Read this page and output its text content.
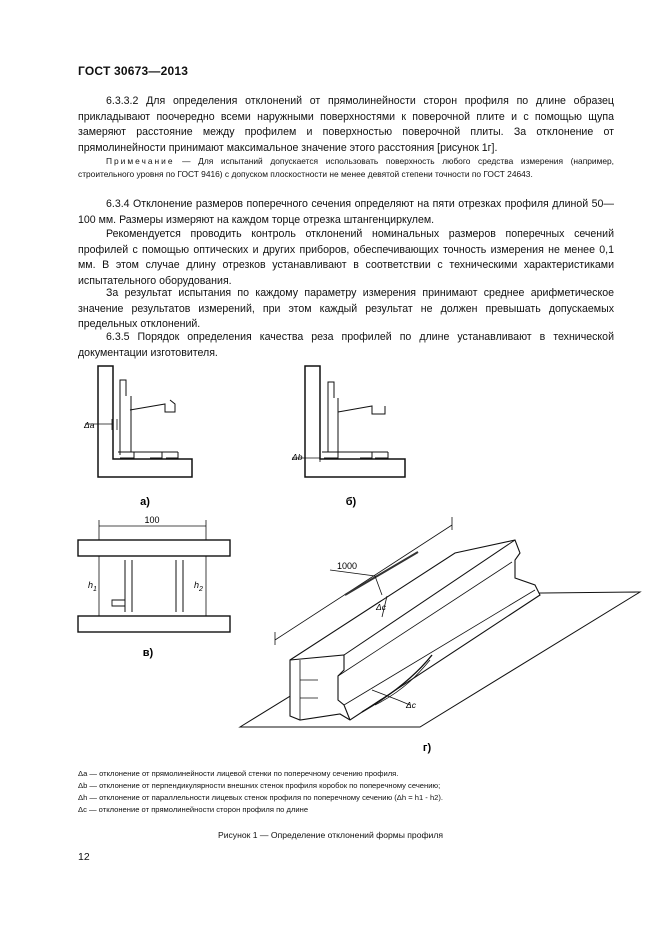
ГОСТ 30673—2013
6.3.3.2 Для определения отклонений от прямолинейности сторон профиля по длине образец прикладывают поочередно всеми наружными поверхностями к поверочной плите и с помощью щупа замеряют расстояние между профилем и поверхностью поверочной плиты. За отклонение от прямолинейности принимают максимальное значение этого расстояния [рисунок 1г].
Примечание — Для испытаний допускается использовать поверхность любого средства измерения (например, строительного уровня по ГОСТ 9416) с допуском плоскостности не менее девятой степени точности по ГОСТ 24643.
6.3.4 Отклонение размеров поперечного сечения определяют на пяти отрезках профиля длиной 50—100 мм. Размеры измеряют на каждом торце отрезка штангенциркулем.
Рекомендуется проводить контроль отклонений номинальных размеров поперечных сечений профилей с помощью оптических и других приборов, обеспечивающих точность измерения не менее 0,1 мм. В этом случае длину отрезков устанавливают в соответствии с техническими характеристиками испытательного оборудования.
За результат испытания по каждому параметру измерения принимают среднее арифметическое значение результатов измерений, при этом каждый результат не должен превышать допускаемых предельных отклонений.
6.3.5 Порядок определения качества реза профилей по длине устанавливают в технической документации изготовителя.
а)	б)
в)
г)
100
1000
Δa
Δb
Δc
Δc
$h_1$	$h_2$
Δa — отклонение от прямолинейности лицевой стенки по поперечному сечению профиля.
Δb — отклонение от перпендикулярности внешних стенок профиля коробок по поперечному сечению;
Δh — отклонение от параллельности лицевых стенок профиля по поперечному сечению (Δh = h1 - h2).
Δc — отклонение от прямолинейности сторон профиля по длине
Рисунок 1 — Определение отклонений формы профиля
12
